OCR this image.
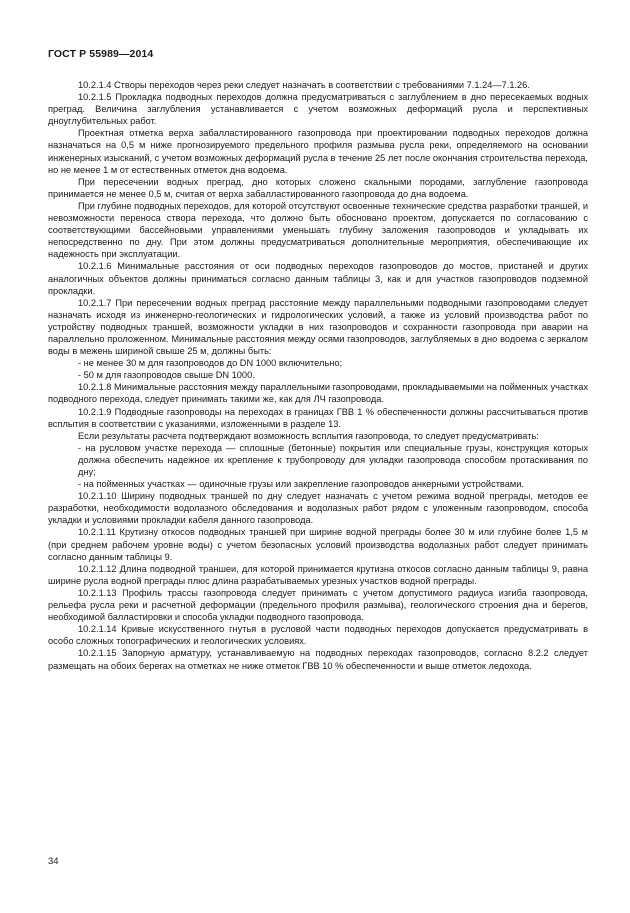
ГОСТ Р 55989—2014

10.2.1.4 Створы переходов через реки следует назначать в соответствии с требованиями 7.1.24—7.1.26.

10.2.1.5 Прокладка подводных переходов должна предусматриваться с заглублением в дно пересекаемых водных преград. Величина заглубления устанавливается с учетом возможных деформаций русла и перспективных дноуглубительных работ.

Проектная отметка верха забалластированного газопровода при проектировании подводных переходов должна назначаться на 0,5 м ниже прогнозируемого предельного профиля размыва русла реки, определяемого на основании инженерных изысканий, с учетом возможных деформаций русла в течение 25 лет после окончания строительства перехода, но не менее 1 м от естественных отметок дна водоема.

При пересечении водных преград, дно которых сложено скальными породами, заглубление газопровода принимается не менее 0,5 м, считая от верха забалластированного газопровода до дна водоема.

При глубине подводных переходов, для которой отсутствуют освоенные технические средства разработки траншей, и невозможности переноса створа перехода, что должно быть обосновано проектом, допускается по согласованию с соответствующими бассейновыми управлениями уменьшать глубину заложения газопроводов и укладывать их непосредственно по дну. При этом должны предусматриваться дополнительные мероприятия, обеспечивающие их надежность при эксплуатации.

10.2.1.6 Минимальные расстояния от оси подводных переходов газопроводов до мостов, пристаней и других аналогичных объектов должны приниматься согласно данным таблицы 3, как и для участков газопроводов подземной прокладки.

10.2.1.7 При пересечении водных преград расстояние между параллельными подводными газопроводами следует назначать исходя из инженерно-геологических и гидрологических условий, а также из условий производства работ по устройству подводных траншей, возможности укладки в них газопроводов и сохранности газопровода при аварии на параллельно проложенном. Минимальные расстояния между осями газопроводов, заглубляемых в дно водоема с зеркалом воды в межень шириной свыше 25 м, должны быть:

- не менее 30 м для газопроводов до DN 1000 включительно;

- 50 м для газопроводов свыше DN 1000.

10.2.1.8 Минимальные расстояния между параллельными газопроводами, прокладываемыми на пойменных участках подводного перехода, следует принимать такими же, как для ЛЧ газопровода.

10.2.1.9 Подводные газопроводы на переходах в границах ГВВ 1 % обеспеченности должны рассчитываться против всплытия в соответствии с указаниями, изложенными в разделе 13.

Если результаты расчета подтверждают возможность всплытия газопровода, то следует предусматривать:

- на русловом участке перехода — сплошные (бетонные) покрытия или специальные грузы, конструкция которых должна обеспечить надежное их крепление к трубопроводу для укладки газопровода способом протаскивания по дну;

- на пойменных участках — одиночные грузы или закрепление газопроводов анкерными устройствами.

10.2.1.10 Ширину подводных траншей по дну следует назначать с учетом режима водной преграды, методов ее разработки, необходимости водолазного обследования и водолазных работ рядом с уложенным газопроводом, способа укладки и условиями прокладки кабеля данного газопровода.

10.2.1.11 Крутизну откосов подводных траншей при ширине водной преграды более 30 м или глубине более 1,5 м (при среднем рабочем уровне воды) с учетом безопасных условий производства водолазных работ следует принимать согласно данным таблицы 9.

10.2.1.12 Длина подводной траншеи, для которой принимается крутизна откосов согласно данным таблицы 9, равна ширине русла водной преграды плюс длина разрабатываемых урезных участков водной преграды.

10.2.1.13 Профиль трассы газопровода следует принимать с учетом допустимого радиуса изгиба газопровода, рельефа русла реки и расчетной деформации (предельного профиля размыва), геологического строения дна и берегов, необходимой балластировки и способа укладки подводного газопровода.

10.2.1.14 Кривые искусственного гнутья в русловой части подводных переходов допускается предусматривать в особо сложных топографических и геологических условиях.

10.2.1.15 Запорную арматуру, устанавливаемую на подводных переходах газопроводов, согласно 8.2.2 следует размещать на обоих берегах на отметках не ниже отметок ГВВ 10 % обеспеченности и выше отметок ледохода.

34
